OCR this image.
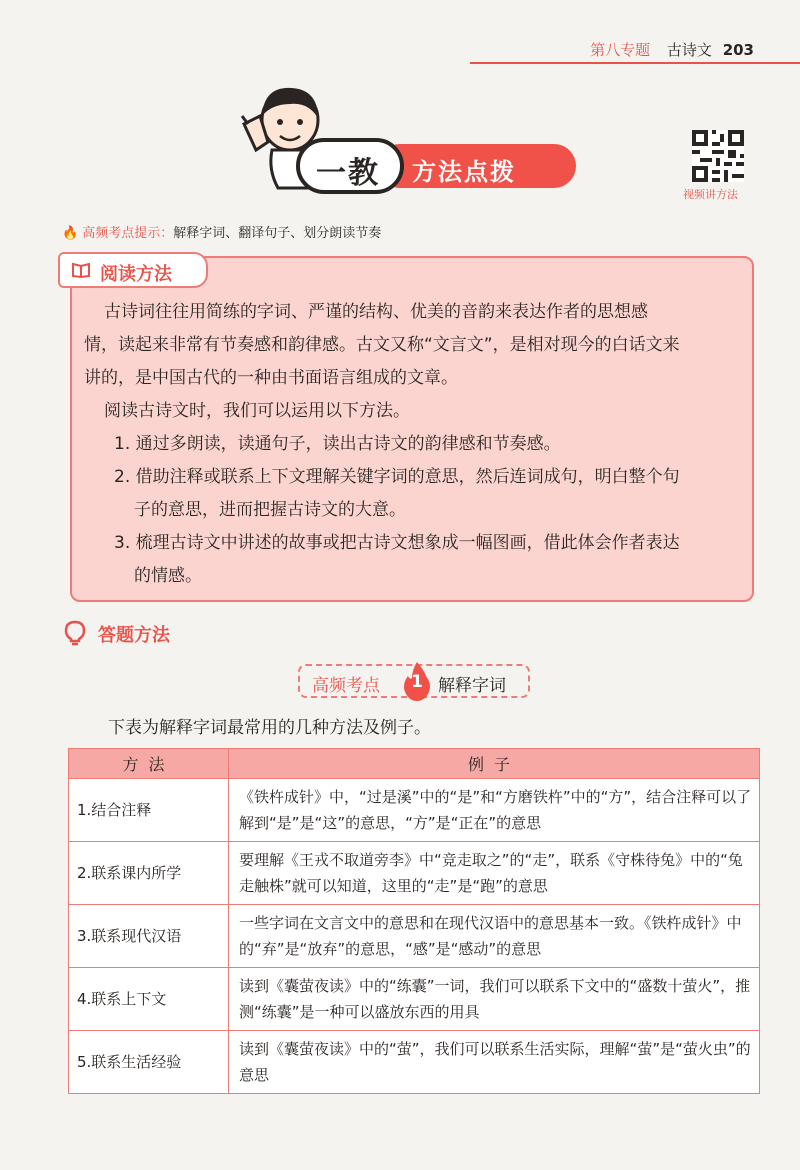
第八专题 古诗文 203
方法点拨
一教
视频讲方法
🔥 高频考点提示：解释字词、翻译句子、划分朗读节奏
阅读方法
古诗词往往用简练的字词、严谨的结构、优美的音韵来表达作者的思想感
情，读起来非常有节奏感和韵律感。古文又称“文言文”，是相对现今的白话文来
讲的，是中国古代的一种由书面语言组成的文章。
阅读古诗文时，我们可以运用以下方法。
1. 通过多朗读，读通句子，读出古诗文的韵律感和节奏感。
2. 借助注释或联系上下文理解关键字词的意思，然后连词成句，明白整个句
子的意思，进而把握古诗文的大意。
3. 梳理古诗文中讲述的故事或把古诗文想象成一幅图画，借此体会作者表达
的情感。
答题方法
高频考点	1 解释字词
下表为解释字词最常用的几种方法及例子。
方法	例子
1.结合注释	《铁杵成针》中，“过是溪”中的“是”和“方磨铁杵”中的“方”，结合注释可以了解到“是”是“这”的意思，“方”是“正在”的意思
2.联系课内所学	要理解《王戎不取道旁李》中“竞走取之”的“走”，联系《守株待兔》中的“兔走触株”就可以知道，这里的“走”是“跑”的意思
3.联系现代汉语	一些字词在文言文中的意思和在现代汉语中的意思基本一致。《铁杵成针》中的“弃”是“放弃”的意思，“感”是“感动”的意思
4.联系上下文	读到《囊萤夜读》中的“练囊”一词，我们可以联系下文中的“盛数十萤火”，推测“练囊”是一种可以盛放东西的用具
5.联系生活经验	读到《囊萤夜读》中的“萤”，我们可以联系生活实际，理解“萤”是“萤火虫”的意思
